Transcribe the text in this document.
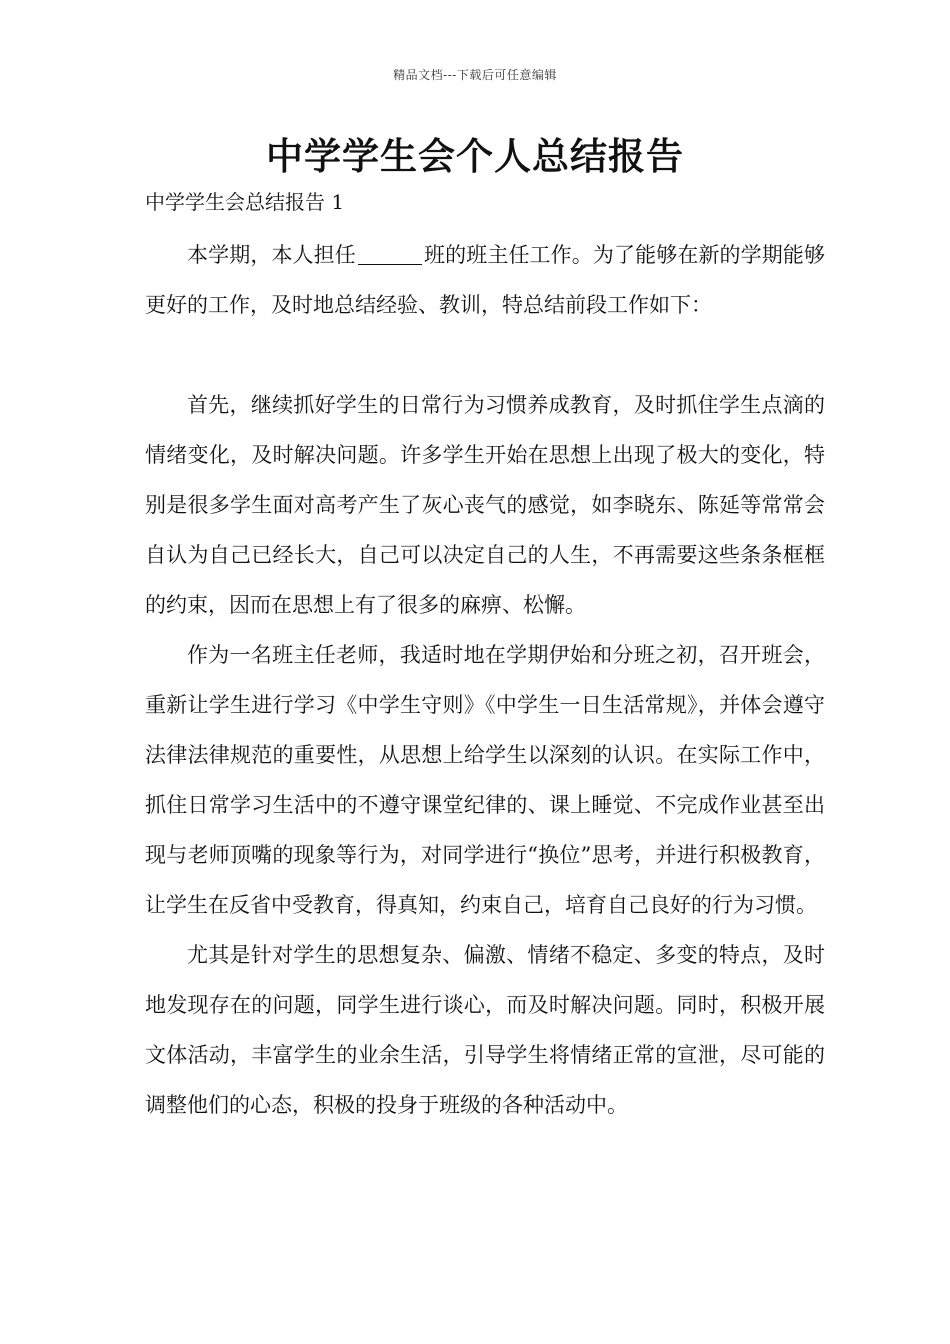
精品文档---下载后可任意编辑
中学学生会个人总结报告

中学学生会总结报告 1

本学期，本人担任	班的班主任工作。为了能够在新的学期能够更好的工作，及时地总结经验、教训，特总结前段工作如下：

首先，继续抓好学生的日常行为习惯养成教育，及时抓住学生点滴的情绪变化，及时解决问题。许多学生开始在思想上出现了极大的变化，特别是很多学生面对高考产生了灰心丧气的感觉，如李晓东、陈延等常常会自认为自己已经长大，自己可以决定自己的人生，不再需要这些条条框框的约束，因而在思想上有了很多的麻痹、松懈。

作为一名班主任老师，我适时地在学期伊始和分班之初，召开班会，重新让学生进行学习《中学生守则》《中学生一日生活常规》，并体会遵守法律法律规范的重要性，从思想上给学生以深刻的认识。在实际工作中，抓住日常学习生活中的不遵守课堂纪律的、课上睡觉、不完成作业甚至出现与老师顶嘴的现象等行为，对同学进行“换位”思考，并进行积极教育，让学生在反省中受教育，得真知，约束自己，培育自己良好的行为习惯。

尤其是针对学生的思想复杂、偏激、情绪不稳定、多变的特点，及时地发现存在的问题，同学生进行谈心，而及时解决问题。同时，积极开展文体活动，丰富学生的业余生活，引导学生将情绪正常的宣泄，尽可能的调整他们的心态，积极的投身于班级的各种活动中。
